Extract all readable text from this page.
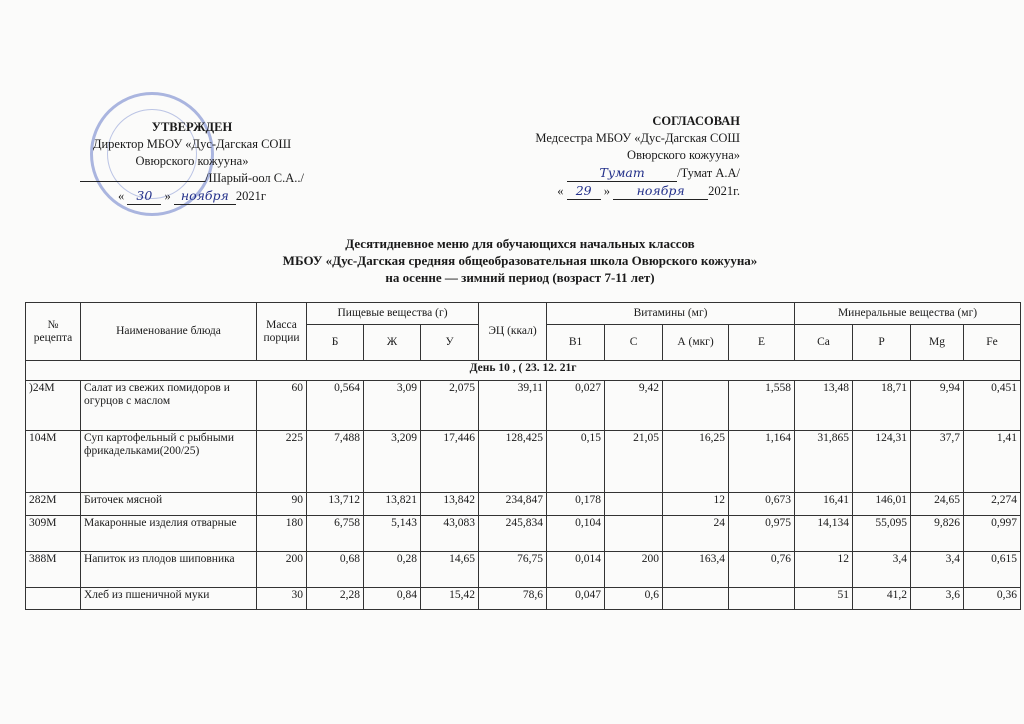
УТВЕРЖДЕН
Директор МБОУ «Дус-Дагская СОШ
Овюрского кожууна»
/Шарый-оол С.А../
« 30 » ноября 2021г
СОГЛАСОВАН
Медсестра МБОУ «Дус-Дагская СОШ
Овюрского кожууна»
Тумат	/Тумат А.А/
« 29 » ноября 2021г.
Десятидневное меню для обучающихся начальных классов
МБОУ «Дус-Дагская средняя общеобразовательная школа Овюрского кожууна»
на осенне — зимний период (возраст 7-11 лет)
№ рецепта	Наименование блюда	Масса порции	Пищевые вещества (г)			ЭЦ (ккал)	Витамины (мг)				Минеральные вещества (мг)			
			Б	Ж	У		В1	С	А (мкг)	Е	Са	Р	Mg	Fe
День 10 , ( 23. 12. 21г														
)24М	Салат из свежих помидоров и огурцов с маслом	60	0,564	3,09	2,075	39,11	0,027	9,42		1,558	13,48	18,71	9,94	0,451
104М	Суп картофельный с рыбными фрикадельками(200/25)	225	7,488	3,209	17,446	128,425	0,15	21,05	16,25	1,164	31,865	124,31	37,7	1,41
282М	Биточек мясной	90	13,712	13,821	13,842	234,847	0,178		12	0,673	16,41	146,01	24,65	2,274
309М	Макаронные изделия отварные	180	6,758	5,143	43,083	245,834	0,104		24	0,975	14,134	55,095	9,826	0,997
388М	Напиток из плодов шиповника	200	0,68	0,28	14,65	76,75	0,014	200	163,4	0,76	12	3,4	3,4	0,615
	Хлеб из пшеничной муки	30	2,28	0,84	15,42	78,6	0,047	0,6			51	41,2	3,6	0,36
